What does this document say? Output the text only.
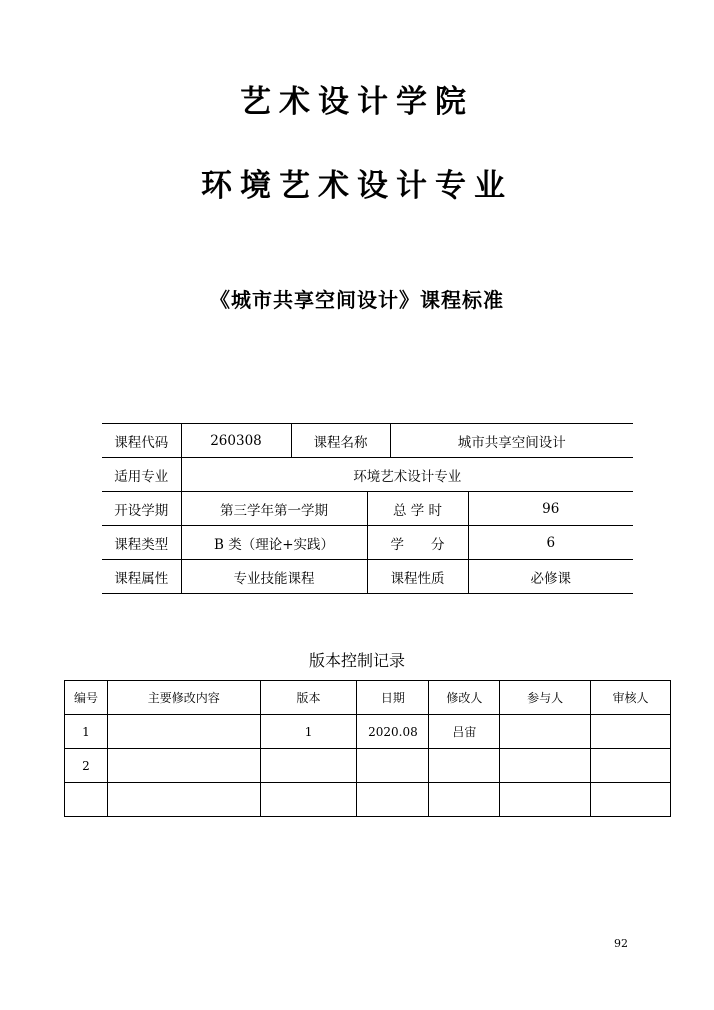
艺术设计学院
环境艺术设计专业
《城市共享空间设计》课程标准
课程代码	260308	课程名称		城市共享空间设计	
适用专业	环境艺术设计专业				
开设学期	第三学年第一学期		总 学 时		96
课程类型	B 类（理论+实践）		学　　分		6
课程属性	专业技能课程		课程性质		必修课
版本控制记录
编号	主要修改内容	版本	日期	修改人	参与人	审核人
1		1	2020.08	吕宙		
2						

92
